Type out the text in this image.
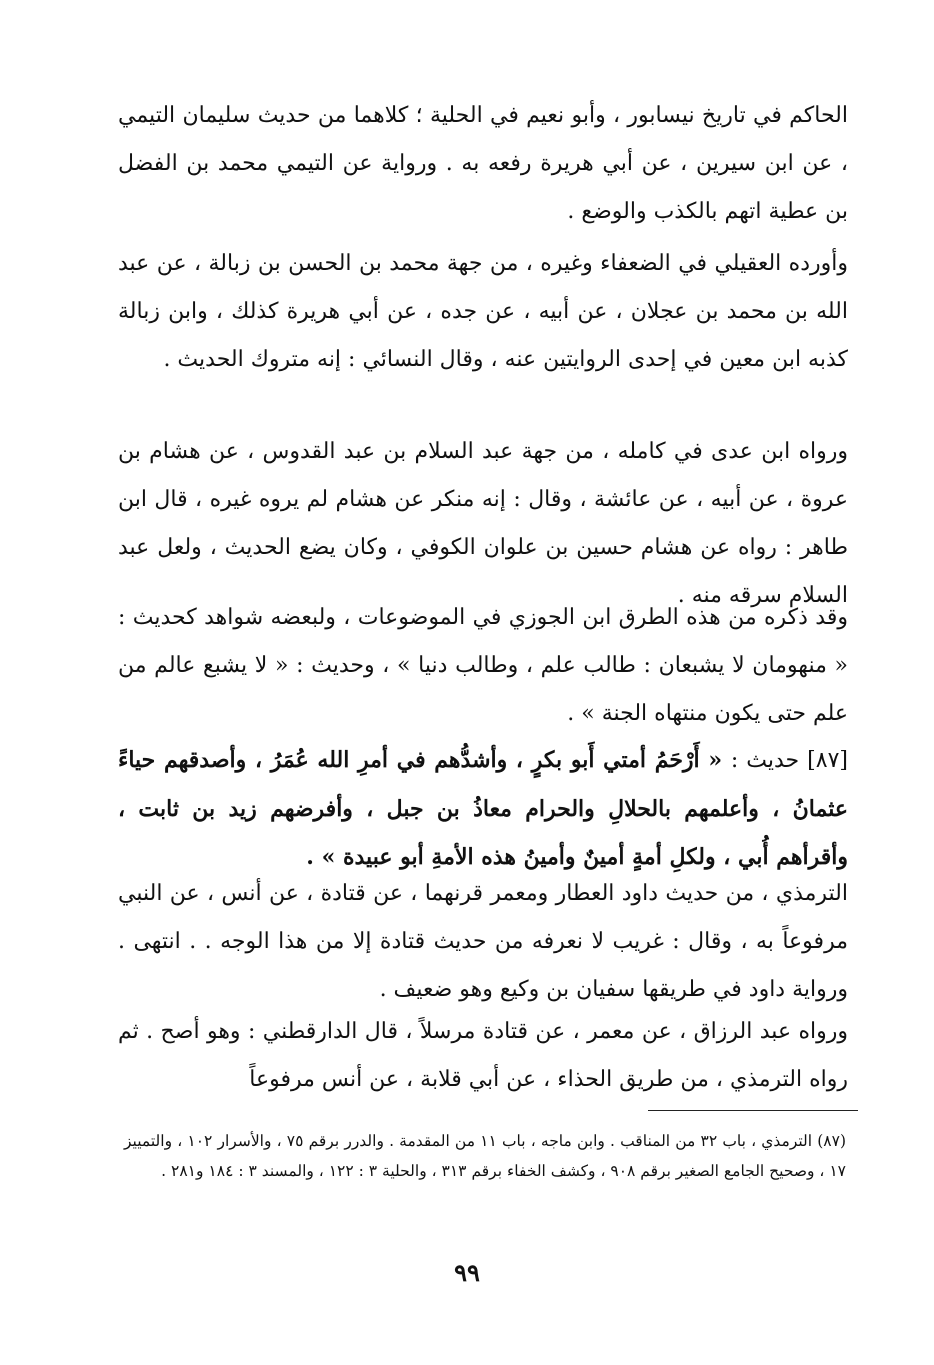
الحاكم في تاريخ نيسابور ، وأبو نعيم في الحلية ؛ كلاهما من حديث سليمان التيمي ، عن ابن سيرين ، عن أبي هريرة رفعه به . ورواية عن التيمي محمد بن الفضل بن عطية اتهم بالكذب والوضع .

وأورده العقيلي في الضعفاء وغيره ، من جهة محمد بن الحسن بن زبالة ، عن عبد الله بن محمد بن عجلان ، عن أبيه ، عن جده ، عن أبي هريرة كذلك ، وابن زبالة كذبه ابن معين في إحدى الروايتين عنه ، وقال النسائي : إنه متروك الحديث .

ورواه ابن عدى في كامله ، من جهة عبد السلام بن عبد القدوس ، عن هشام بن عروة ، عن أبيه ، عن عائشة ، وقال : إنه منكر عن هشام لم يروه غيره ، قال ابن طاهر : رواه عن هشام حسين بن علوان الكوفي ، وكان يضع الحديث ، ولعل عبد السلام سرقه منه .

وقد ذكره من هذه الطرق ابن الجوزي في الموضوعات ، ولبعضه شواهد كحديث : « منهومان لا يشبعان : طالب علم ، وطالب دنيا » ، وحديث : « لا يشبع عالم من علم حتى يكون منتهاه الجنة » .

[٨٧] حديث : « أَرْحَمُ أمتي أَبو بكرٍ ، وأشدُّهم في أمرِ الله عُمَرُ ، وأصدقهم حياءً عثمانُ ، وأعلمهم بالحلالِ والحرام معاذُ بن جبل ، وأفرضهم زيد بن ثابت ، وأقرأهم أُبي ، ولكلِ أمةٍ أمينٌ وأمينُ هذه الأمةِ أبو عبيدة » .

الترمذي ، من حديث داود العطار ومعمر قرنهما ، عن قتادة ، عن أنس ، عن النبي مرفوعاً به ، وقال : غريب لا نعرفه من حديث قتادة إلا من هذا الوجه . . انتهى . ورواية داود في طريقها سفيان بن وكيع وهو ضعيف .

ورواه عبد الرزاق ، عن معمر ، عن قتادة مرسلاً ، قال الدارقطني : وهو أصح . ثم رواه الترمذي ، من طريق الحذاء ، عن أبي قلابة ، عن أنس مرفوعاً

(٨٧) الترمذي ، باب ٣٢ من المناقب . وابن ماجه ، باب ١١ من المقدمة . والدرر برقم ٧٥ ، والأسرار ١٠٢ ، والتمييز ١٧ ، وصحيح الجامع الصغير برقم ٩٠٨ ، وكشف الخفاء برقم ٣١٣ ، والحلية ٣ : ١٢٢ ، والمسند ٣ : ١٨٤ و٢٨١ .

٩٩
